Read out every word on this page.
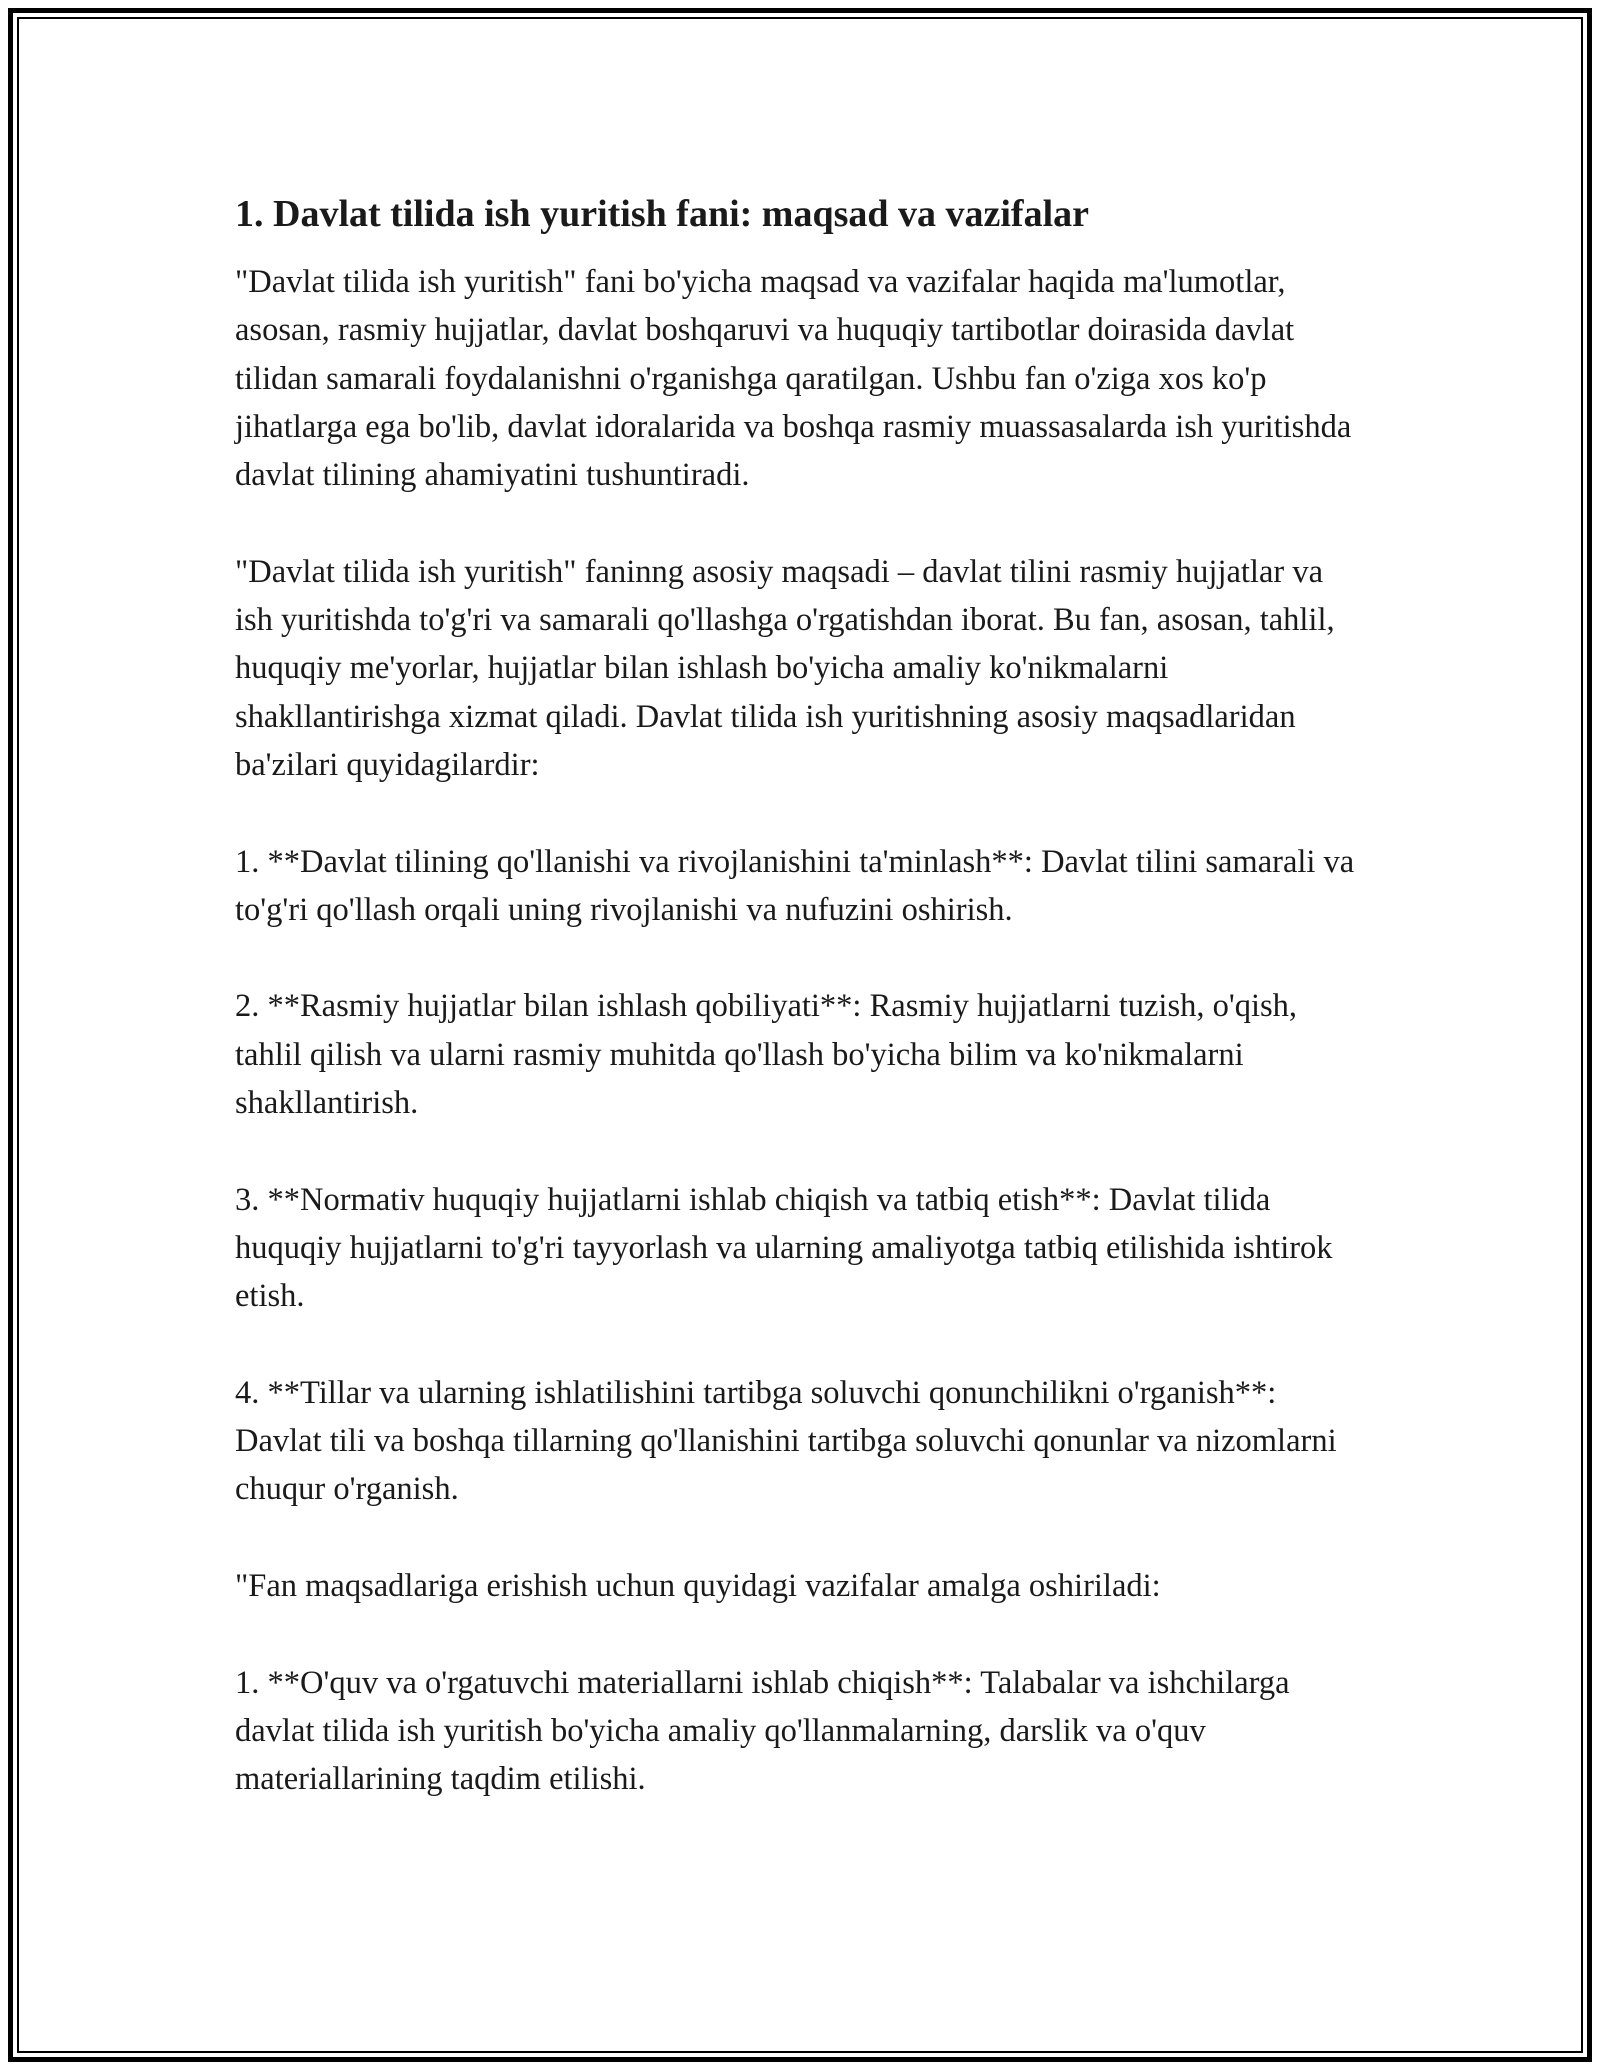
1. Davlat tilida ish yuritish fani: maqsad va vazifalar

"Davlat tilida ish yuritish" fani bo'yicha maqsad va vazifalar haqida ma'lumotlar, asosan, rasmiy hujjatlar, davlat boshqaruvi va huquqiy tartibotlar doirasida davlat tilidan samarali foydalanishni o'rganishga qaratilgan. Ushbu fan o'ziga xos ko'p jihatlarga ega bo'lib, davlat idoralarida va boshqa rasmiy muassasalarda ish yuritishda davlat tilining ahamiyatini tushuntiradi.

"Davlat tilida ish yuritish" faninng asosiy maqsadi – davlat tilini rasmiy hujjatlar va ish yuritishda to'g'ri va samarali qo'llashga o'rgatishdan iborat. Bu fan, asosan, tahlil, huquqiy me'yorlar, hujjatlar bilan ishlash bo'yicha amaliy ko'nikmalarni shakllantirishga xizmat qiladi. Davlat tilida ish yuritishning asosiy maqsadlaridan ba'zilari quyidagilardir:

1. **Davlat tilining qo'llanishi va rivojlanishini ta'minlash**: Davlat tilini samarali va to'g'ri qo'llash orqali uning rivojlanishi va nufuzini oshirish.

2. **Rasmiy hujjatlar bilan ishlash qobiliyati**: Rasmiy hujjatlarni tuzish, o'qish, tahlil qilish va ularni rasmiy muhitda qo'llash bo'yicha bilim va ko'nikmalarni shakllantirish.

3. **Normativ huquqiy hujjatlarni ishlab chiqish va tatbiq etish**: Davlat tilida huquqiy hujjatlarni to'g'ri tayyorlash va ularning amaliyotga tatbiq etilishida ishtirok etish.

4. **Tillar va ularning ishlatilishini tartibga soluvchi qonunchilikni o'rganish**: Davlat tili va boshqa tillarning qo'llanishini tartibga soluvchi qonunlar va nizomlarni chuqur o'rganish.

"Fan maqsadlariga erishish uchun quyidagi vazifalar amalga oshiriladi:

1. **O'quv va o'rgatuvchi materiallarni ishlab chiqish**: Talabalar va ishchilarga davlat tilida ish yuritish bo'yicha amaliy qo'llanmalarning, darslik va o'quv materiallarining taqdim etilishi.
